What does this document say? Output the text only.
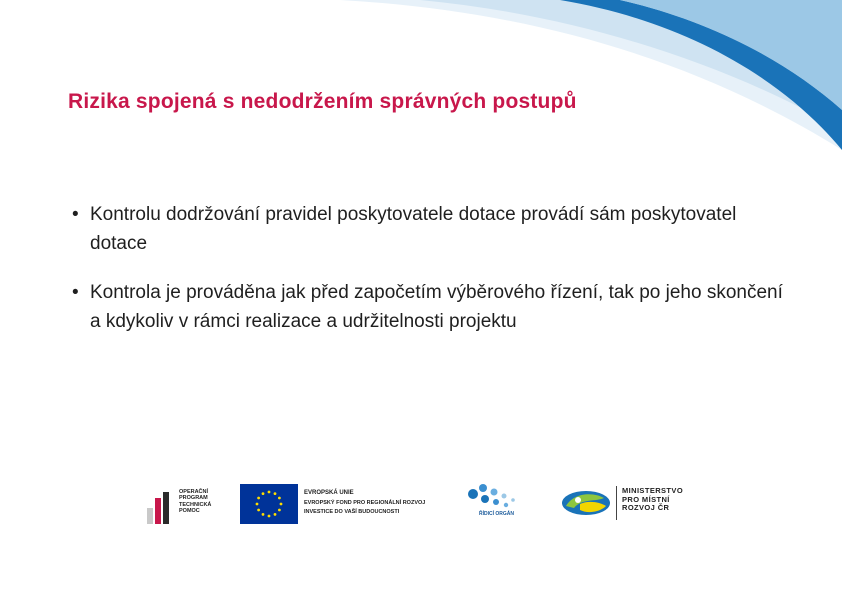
Rizika spojená s nedodržením správných postupů
• Kontrolu dodržování pravidel poskytovatele dotace provádí sám poskytovatel dotace
• Kontrola je prováděna jak před započetím výběrového řízení, tak po jeho skončení a kdykoliv v rámci realizace a udržitelnosti projektu
OPERAČNÍ
PROGRAM
TECHNICKÁ
POMOC
EVROPSKÁ UNIE
EVROPSKÝ FOND PRO REGIONÁLNÍ ROZVOJ
INVESTICE DO VAŠÍ BUDOUCNOSTI	ŘÍDICÍ ORGÁN
MINISTERSTVO
PRO MÍSTNÍ
ROZVOJ ČR
